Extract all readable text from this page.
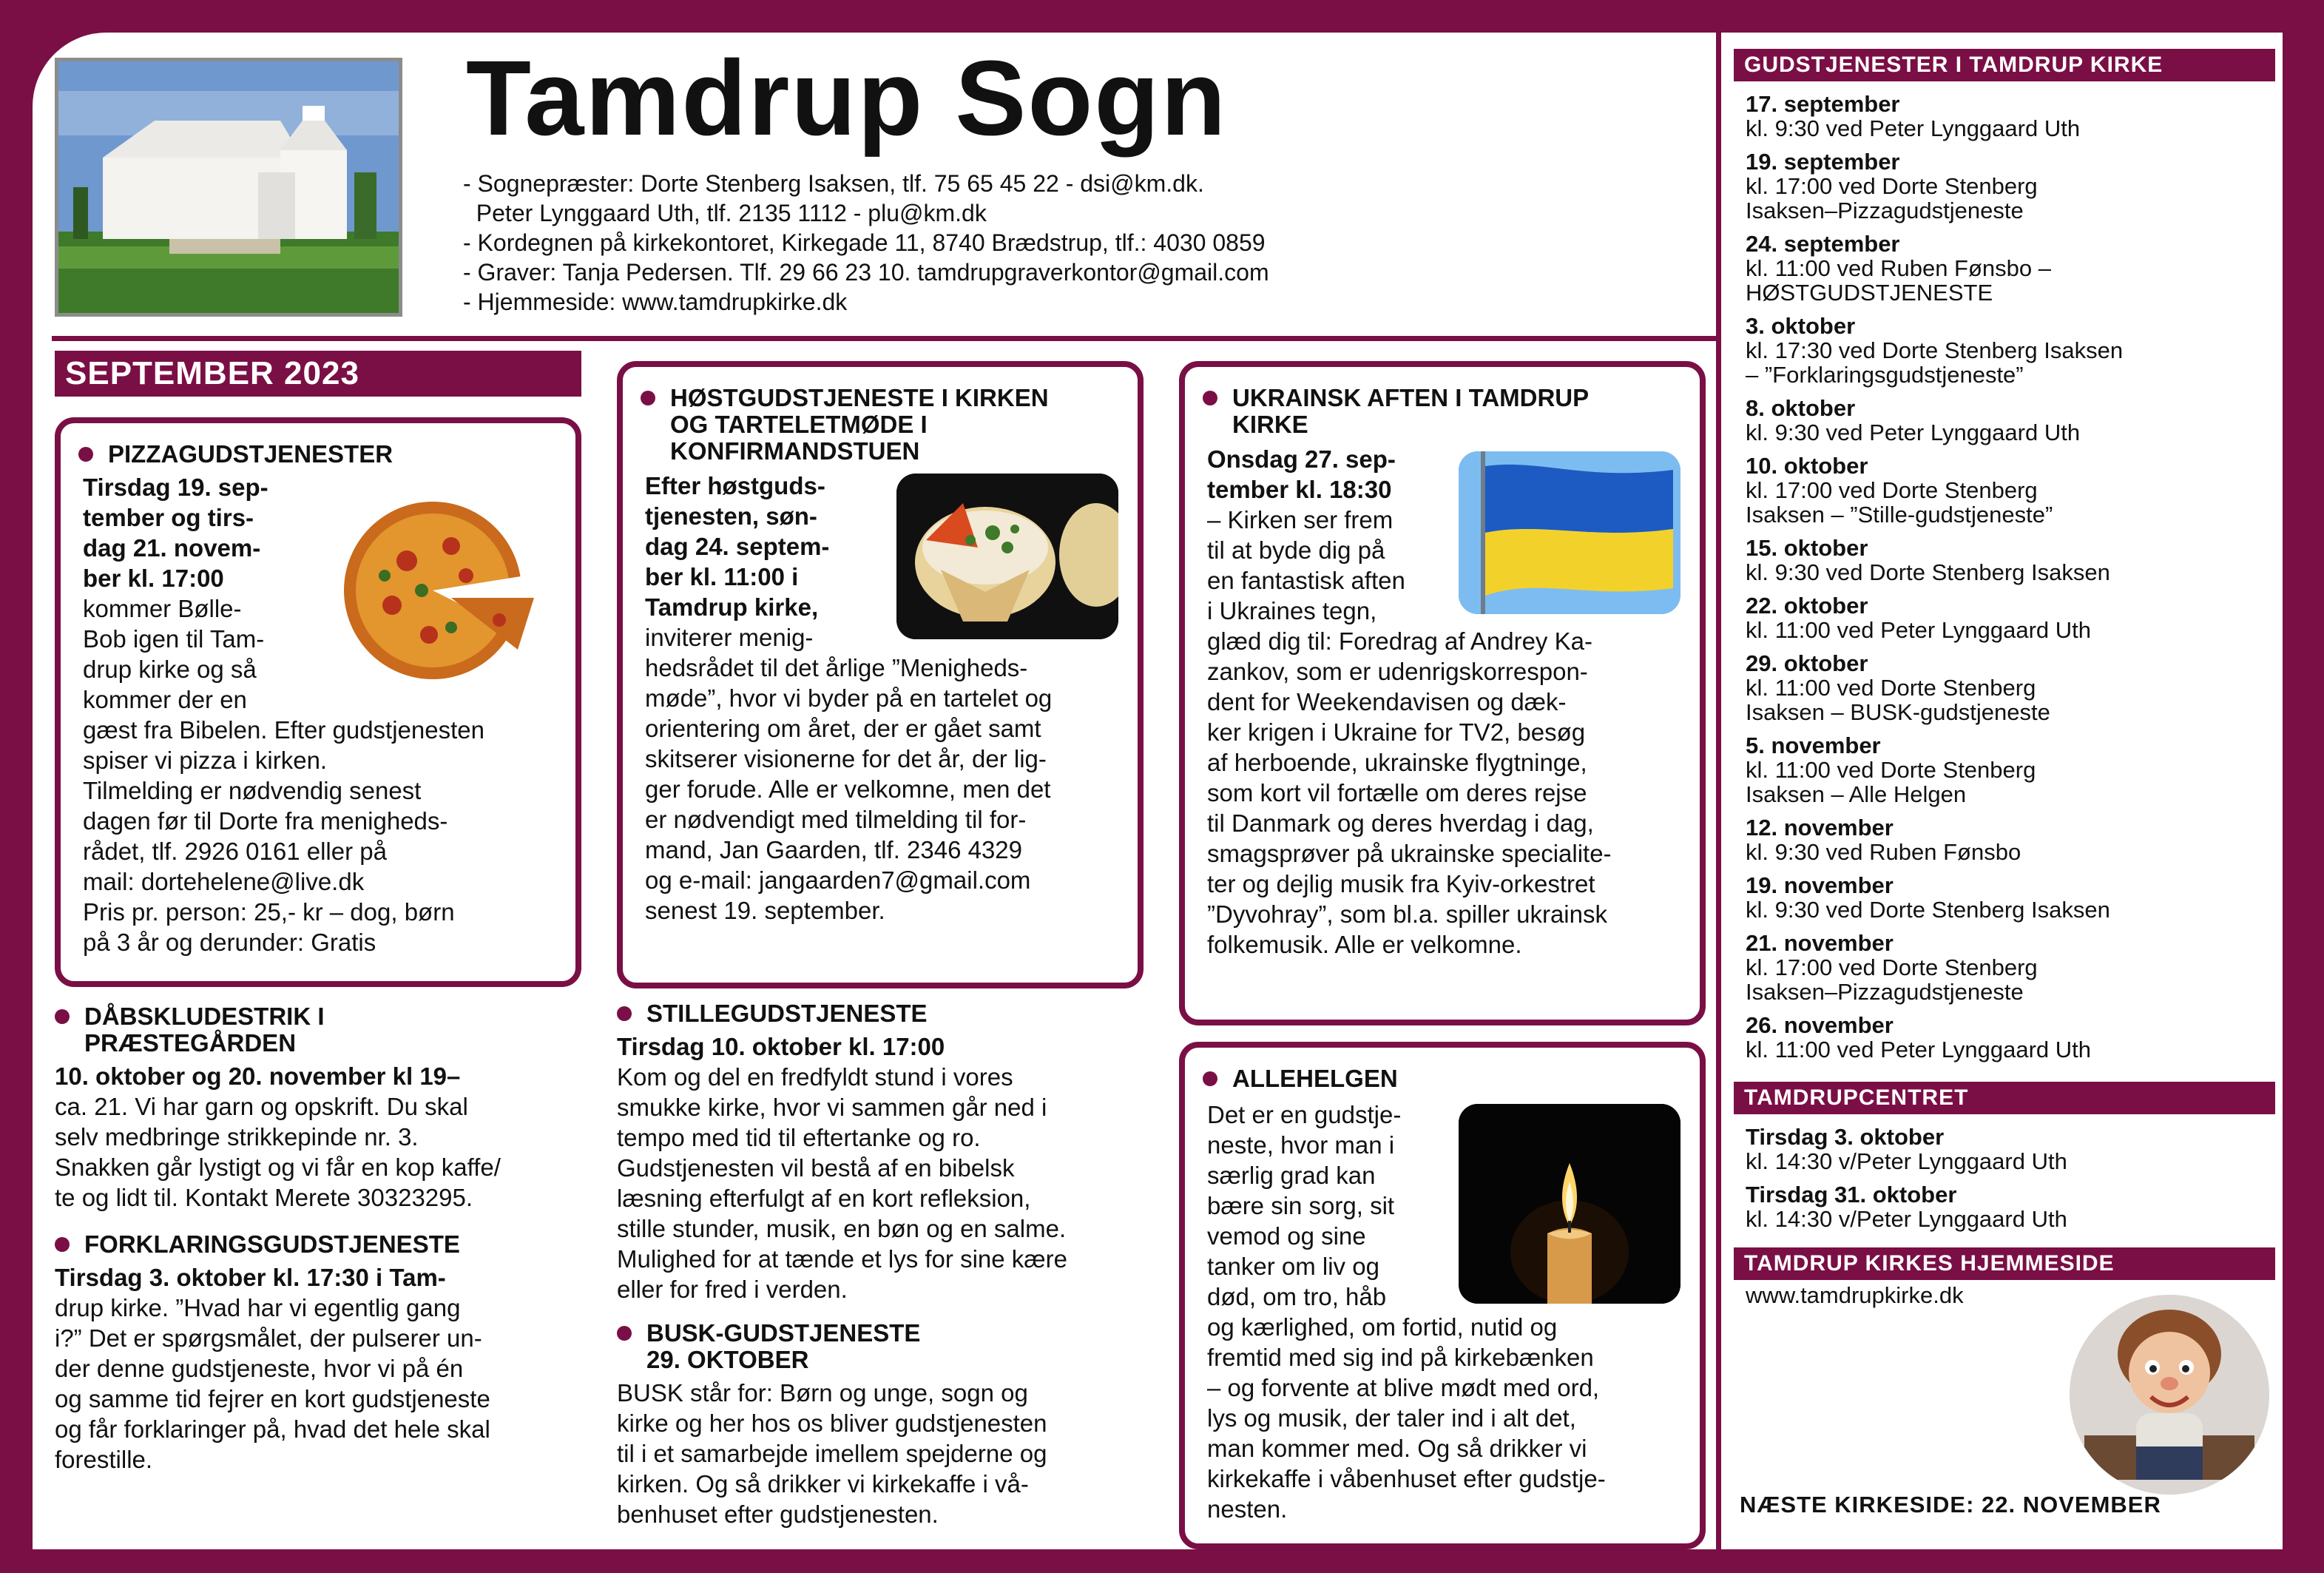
Tamdrup Sogn
- Sognepræster: Dorte Stenberg Isaksen, tlf. 75 65 45 22 - dsi@km.dk.
Peter Lynggaard Uth, tlf. 2135 1112 - plu@km.dk
- Kordegnen på kirkekontoret, Kirkegade 11, 8740 Brædstrup, tlf.: 4030 0859
- Graver: Tanja Pedersen. Tlf. 29 66 23 10. tamdrupgraverkontor@gmail.com
- Hjemmeside: www.tamdrupkirke.dk
SEPTEMBER 2023
PIZZAGUDSTJENESTER
Tirsdag 19. sep-
tember og tirs-
dag 21. novem-
ber kl. 17:00
kommer Bølle-
Bob igen til Tam-
drup kirke og så
kommer der en
gæst fra Bibelen. Efter gudstjenesten
spiser vi pizza i kirken.
Tilmelding er nødvendig senest
dagen før til Dorte fra menigheds-
rådet, tlf. 2926 0161 eller på
mail: dortehelene@live.dk
Pris pr. person: 25,- kr – dog, børn
på 3 år og derunder: Gratis
DÅBSKLUDESTRIK I
PRÆSTEGÅRDEN
10. oktober og 20. november kl 19–
ca. 21. Vi har garn og opskrift. Du skal
selv medbringe strikkepinde nr. 3.
Snakken går lystigt og vi får en kop kaffe/
te og lidt til. Kontakt Merete 30323295.
FORKLARINGSGUDSTJENESTE
Tirsdag 3. oktober kl. 17:30 i Tam-
drup kirke. ”Hvad har vi egentlig gang
i?” Det er spørgsmålet, der pulserer un-
der denne gudstjeneste, hvor vi på én
og samme tid fejrer en kort gudstjeneste
og får forklaringer på, hvad det hele skal
forestille.
HØSTGUDSTJENESTE I KIRKEN
OG TARTELETMØDE I
KONFIRMANDSTUEN
Efter høstguds-
tjenesten, søn-
dag 24. septem-
ber kl. 11:00 i
Tamdrup kirke,
inviterer menig-
hedsrådet til det årlige ”Menigheds-
møde”, hvor vi byder på en tartelet og
orientering om året, der er gået samt
skitserer visionerne for det år, der lig-
ger forude. Alle er velkomne, men det
er nødvendigt med tilmelding til for-
mand, Jan Gaarden, tlf. 2346 4329
og e-mail: jangaarden7@gmail.com
senest 19. september.
STILLEGUDSTJENESTE
Tirsdag 10. oktober kl. 17:00
Kom og del en fredfyldt stund i vores
smukke kirke, hvor vi sammen går ned i
tempo med tid til eftertanke og ro.
Gudstjenesten vil bestå af en bibelsk
læsning efterfulgt af en kort refleksion,
stille stunder, musik, en bøn og en salme.
Mulighed for at tænde et lys for sine kære
eller for fred i verden.
BUSK-GUDSTJENESTE
29. OKTOBER
BUSK står for: Børn og unge, sogn og
kirke og her hos os bliver gudstjenesten
til i et samarbejde imellem spejderne og
kirken. Og så drikker vi kirkekaffe i vå-
benhuset efter gudstjenesten.
UKRAINSK AFTEN I TAMDRUP
KIRKE
Onsdag 27. sep-
tember kl. 18:30
– Kirken ser frem
til at byde dig på
en fantastisk aften
i Ukraines tegn,
glæd dig til: Foredrag af Andrey Ka-
zankov, som er udenrigskorrespon-
dent for Weekendavisen og dæk-
ker krigen i Ukraine for TV2, besøg
af herboende, ukrainske flygtninge,
som kort vil fortælle om deres rejse
til Danmark og deres hverdag i dag,
smagsprøver på ukrainske specialite-
ter og dejlig musik fra Kyiv-orkestret
”Dyvohray”, som bl.a. spiller ukrainsk
folkemusik. Alle er velkomne.
ALLEHELGEN
Det er en gudstje-
neste, hvor man i
særlig grad kan
bære sin sorg, sit
vemod og sine
tanker om liv og
død, om tro, håb
og kærlighed, om fortid, nutid og
fremtid med sig ind på kirkebænken
– og forvente at blive mødt med ord,
lys og musik, der taler ind i alt det,
man kommer med. Og så drikker vi
kirkekaffe i våbenhuset efter gudstje-
nesten.
GUDSTJENESTER I TAMDRUP KIRKE
17. september
kl. 9:30 ved Peter Lynggaard Uth
19. september
kl. 17:00 ved Dorte Stenberg
Isaksen–Pizzagudstjeneste
24. september
kl. 11:00 ved Ruben Fønsbo –
HØSTGUDSTJENESTE
3. oktober
kl. 17:30 ved Dorte Stenberg Isaksen
– ”Forklaringsgudstjeneste”
8. oktober
kl. 9:30 ved Peter Lynggaard Uth
10. oktober
kl. 17:00 ved Dorte Stenberg
Isaksen – ”Stille-gudstjeneste”
15. oktober
kl. 9:30 ved Dorte Stenberg Isaksen
22. oktober
kl. 11:00 ved Peter Lynggaard Uth
29. oktober
kl. 11:00 ved Dorte Stenberg
Isaksen – BUSK-gudstjeneste
5. november
kl. 11:00 ved Dorte Stenberg
Isaksen – Alle Helgen
12. november
kl. 9:30 ved Ruben Fønsbo
19. november
kl. 9:30 ved Dorte Stenberg Isaksen
21. november
kl. 17:00 ved Dorte Stenberg
Isaksen–Pizzagudstjeneste
26. november
kl. 11:00 ved Peter Lynggaard Uth
TAMDRUPCENTRET
Tirsdag 3. oktober
kl. 14:30 v/Peter Lynggaard Uth
Tirsdag 31. oktober
kl. 14:30 v/Peter Lynggaard Uth
TAMDRUP KIRKES HJEMMESIDE
www.tamdrupkirke.dk
NÆSTE KIRKESIDE: 22. NOVEMBER
